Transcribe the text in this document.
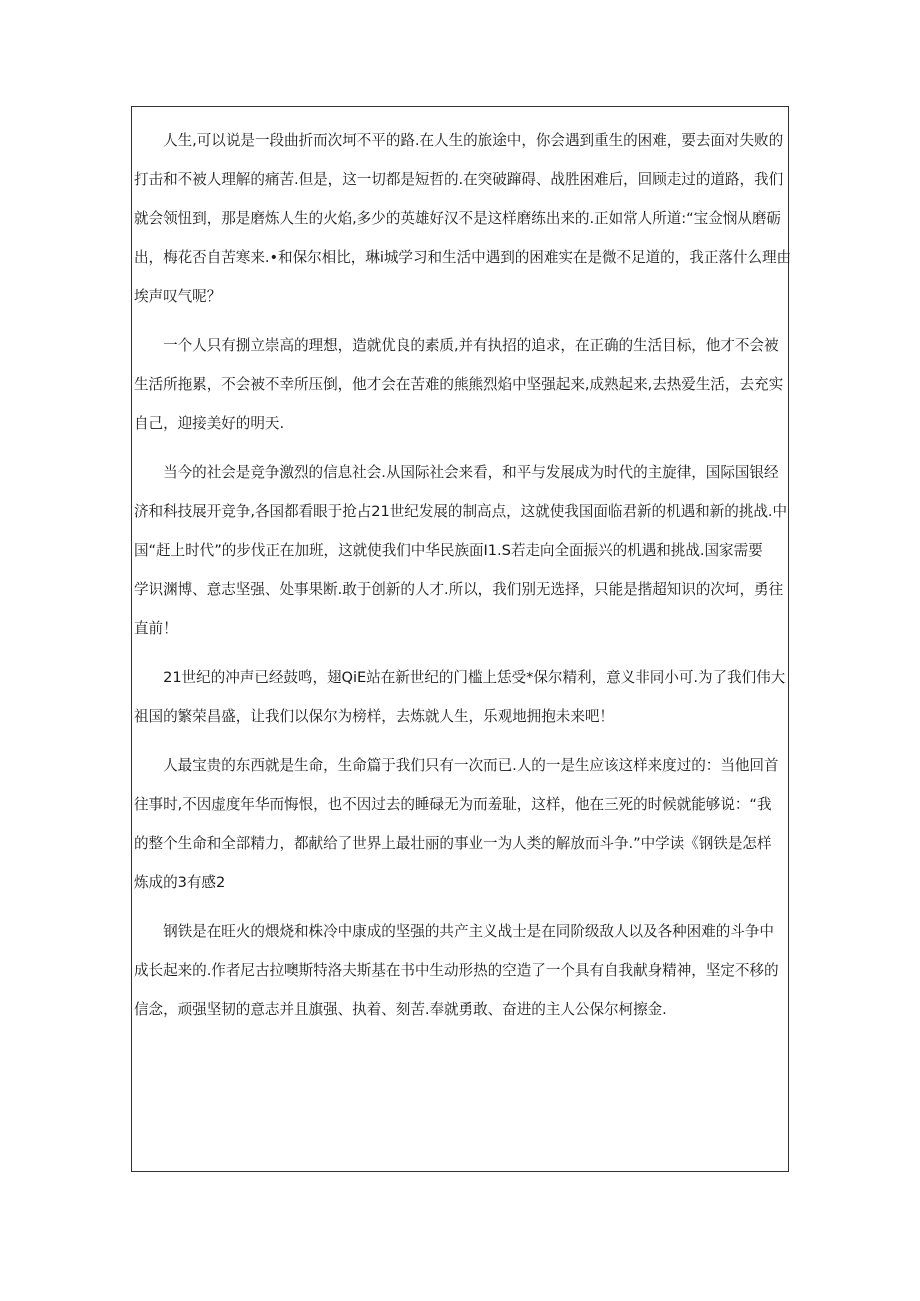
　　人生,可以说是一段曲折而次坷不平的路.在人生的旅途中，你会遇到重生的困难，要去面对失败的
打击和不被人理解的痛苦.但是，这一切都是短哲的.在突破蹿碍、战胜困难后，回顾走过的道路，我们
就会领忸到，那是磨炼人生的火焰,多少的英雄好汉不是这样磨练出来的.正如常人所道:“宝佥悯从磨砺
出，梅花否自苦寒来.•和保尔相比，琳i城学习和生活中遇到的困难实在是微不足道的，我正落什么理由
埃声叹气呢？

　　一个人只有捌立崇高的理想，造就优良的素质,并有执招的追求，在正确的生活目标，他才不会被
生活所拖累，不会被不幸所压倒，他才会在苦难的熊熊烈焰中坚强起来,成熟起来,去热爱生活，去充实
自己，迎接美好的明天.

　　当今的社会是竞争激烈的信息社会.从国际社会来看，和平与发展成为时代的主旋律，国际国银经
济和科技展开竞争,各国都看眼于抢占21世纪发展的制高点，这就使我国面临君新的机遇和新的挑战.中
国“赶上时代”的步伐正在加班，这就使我们中华民族面I1.S若走向全面振兴的机遇和挑战.国家需要
学识渊博、意志坚强、处事果断.敢于创新的人才.所以，我们别无选择，只能是揩超知识的次坷，勇往
直前！

　　21世纪的冲声已经鼓鸣，翅QiE站在新世纪的门槛上恁受*保尔精利，意义非同小可.为了我们伟大
祖国的繁荣昌盛，让我们以保尔为榜样，去炼就人生，乐观地拥抱未来吧！

　　人最宝贵的东西就是生命，生命篇于我们只有一次而已.人的一是生应该这样来度过的：当他回首
往事时,不因虚度年华而悔恨，也不因过去的睡碌无为而羞耻，这样，他在三死的时候就能够说：“我
的整个生命和全部精力，都献给了世界上最壮丽的事业一为人类的解放而斗争.”中学读《钢铁是怎样
炼成的3有感2

　　钢铁是在旺火的煨烧和株冷中康成的坚强的共产主义战士是在同阶级敌人以及各种困难的斗争中
成长起来的.作者尼古拉噢斯特洛夫斯基在书中生动形热的空造了一个具有自我献身精神，坚定不移的
信念，顽强坚韧的意志并且旗强、执着、刻苦.奉就勇敢、奋进的主人公保尔柯擦金.
